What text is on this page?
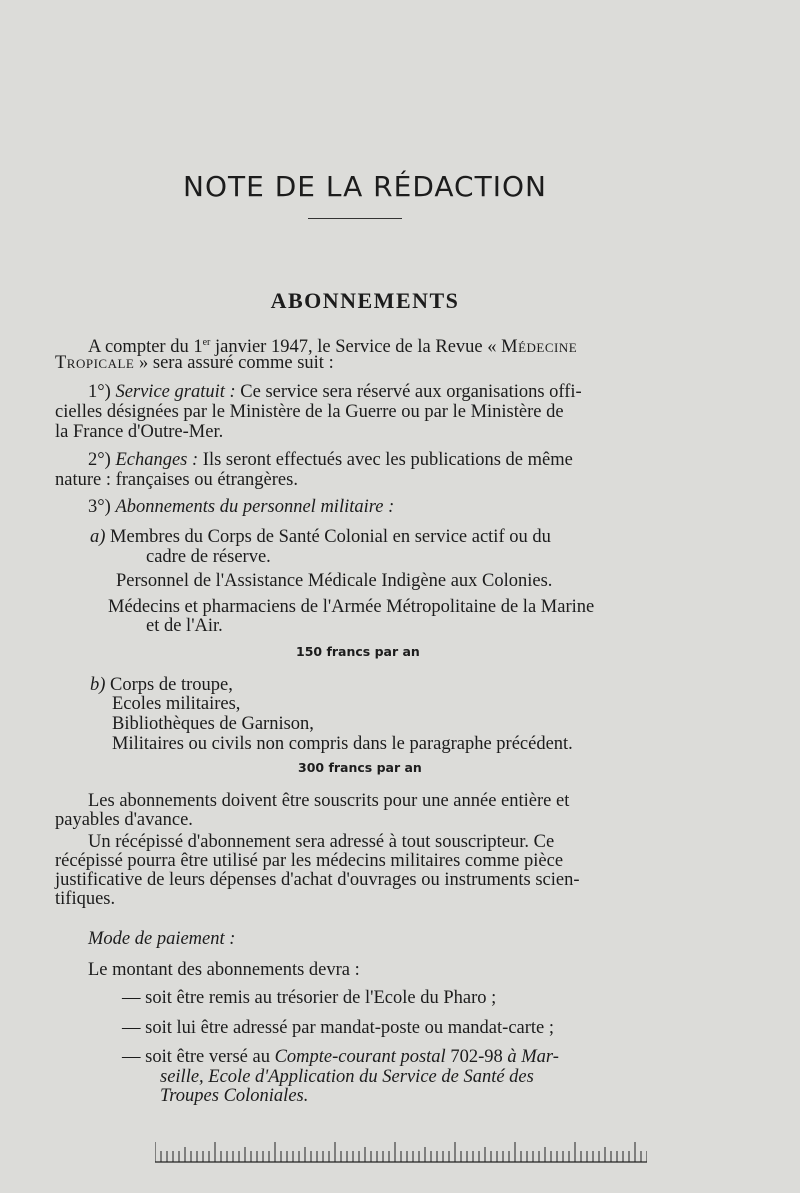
NOTE DE LA RÉDACTION
ABONNEMENTS
A compter du 1er janvier 1947, le Service de la Revue « Médecine
Tropicale » sera assuré comme suit :
1°) Service gratuit : Ce service sera réservé aux organisations offi-
cielles désignées par le Ministère de la Guerre ou par le Ministère de
la France d'Outre-Mer.
2°) Echanges : Ils seront effectués avec les publications de même
nature : françaises ou étrangères.
3°) Abonnements du personnel militaire :
a) Membres du Corps de Santé Colonial en service actif ou du
cadre de réserve.
Personnel de l'Assistance Médicale Indigène aux Colonies.
Médecins et pharmaciens de l'Armée Métropolitaine de la Marine
et de l'Air.
150 francs par an
b) Corps de troupe,
Ecoles militaires,
Bibliothèques de Garnison,
Militaires ou civils non compris dans le paragraphe précédent.
300 francs par an
Les abonnements doivent être souscrits pour une année entière et
payables d'avance.
Un récépissé d'abonnement sera adressé à tout souscripteur. Ce
récépissé pourra être utilisé par les médecins militaires comme pièce
justificative de leurs dépenses d'achat d'ouvrages ou instruments scien-
tifiques.
Mode de paiement :
Le montant des abonnements devra :
— soit être remis au trésorier de l'Ecole du Pharo ;
— soit lui être adressé par mandat-poste ou mandat-carte ;
— soit être versé au Compte-courant postal 702-98 à Mar-
seille, Ecole d'Application du Service de Santé des
Troupes Coloniales.
